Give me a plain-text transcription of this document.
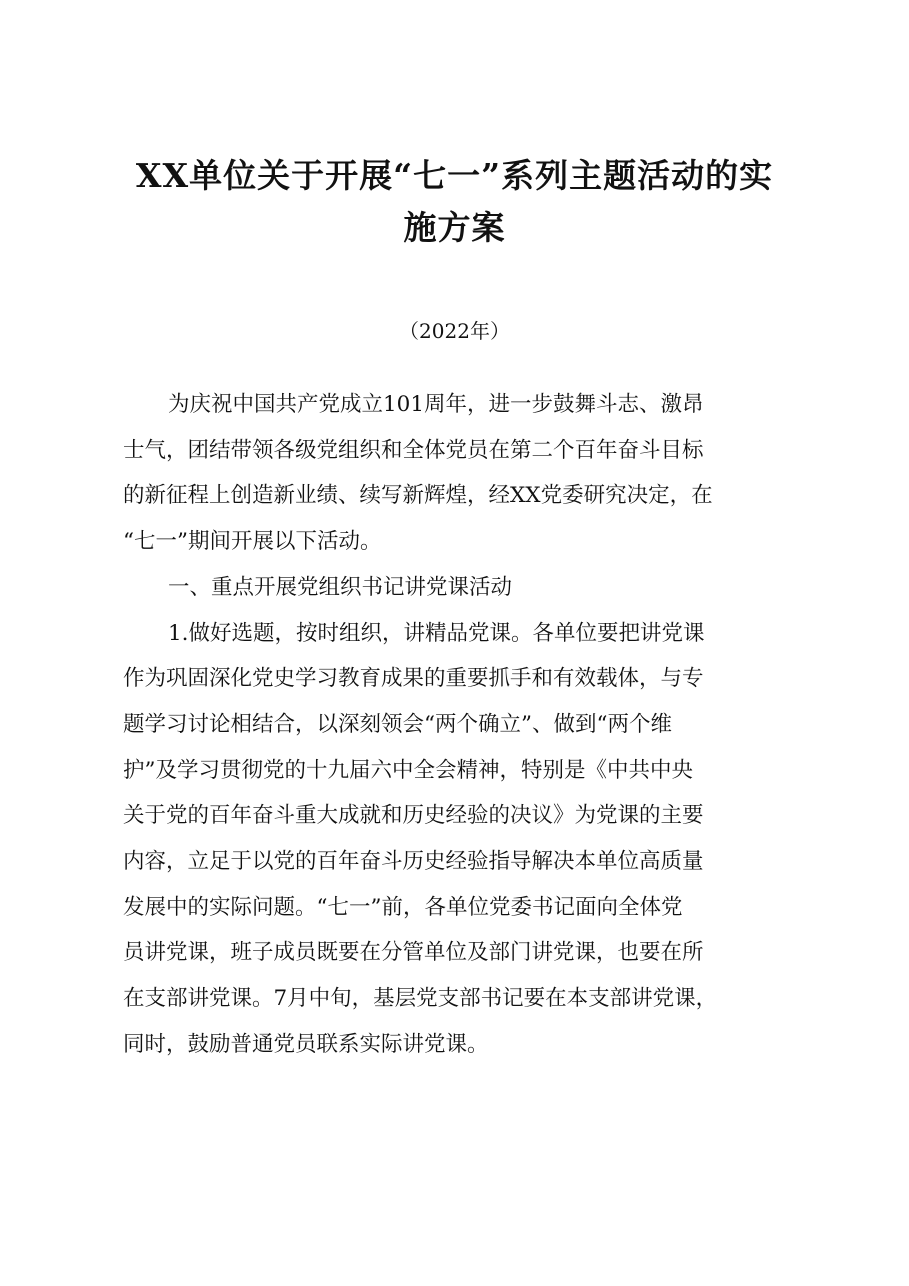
XX单位关于开展“七一”系列主题活动的实
施方案
（2022年）

为庆祝中国共产党成立101周年，进一步鼓舞斗志、激昂
士气，团结带领各级党组织和全体党员在第二个百年奋斗目标
的新征程上创造新业绩、续写新辉煌，经XX党委研究决定，在
“七一”期间开展以下活动。

一、重点开展党组织书记讲党课活动

1.做好选题，按时组织，讲精品党课。各单位要把讲党课
作为巩固深化党史学习教育成果的重要抓手和有效载体，与专
题学习讨论相结合，以深刻领会“两个确立”、做到“两个维
护”及学习贯彻党的十九届六中全会精神，特别是《中共中央
关于党的百年奋斗重大成就和历史经验的决议》为党课的主要
内容，立足于以党的百年奋斗历史经验指导解决本单位高质量
发展中的实际问题。“七一”前，各单位党委书记面向全体党
员讲党课，班子成员既要在分管单位及部门讲党课，也要在所
在支部讲党课。7月中旬，基层党支部书记要在本支部讲党课，
同时，鼓励普通党员联系实际讲党课。
